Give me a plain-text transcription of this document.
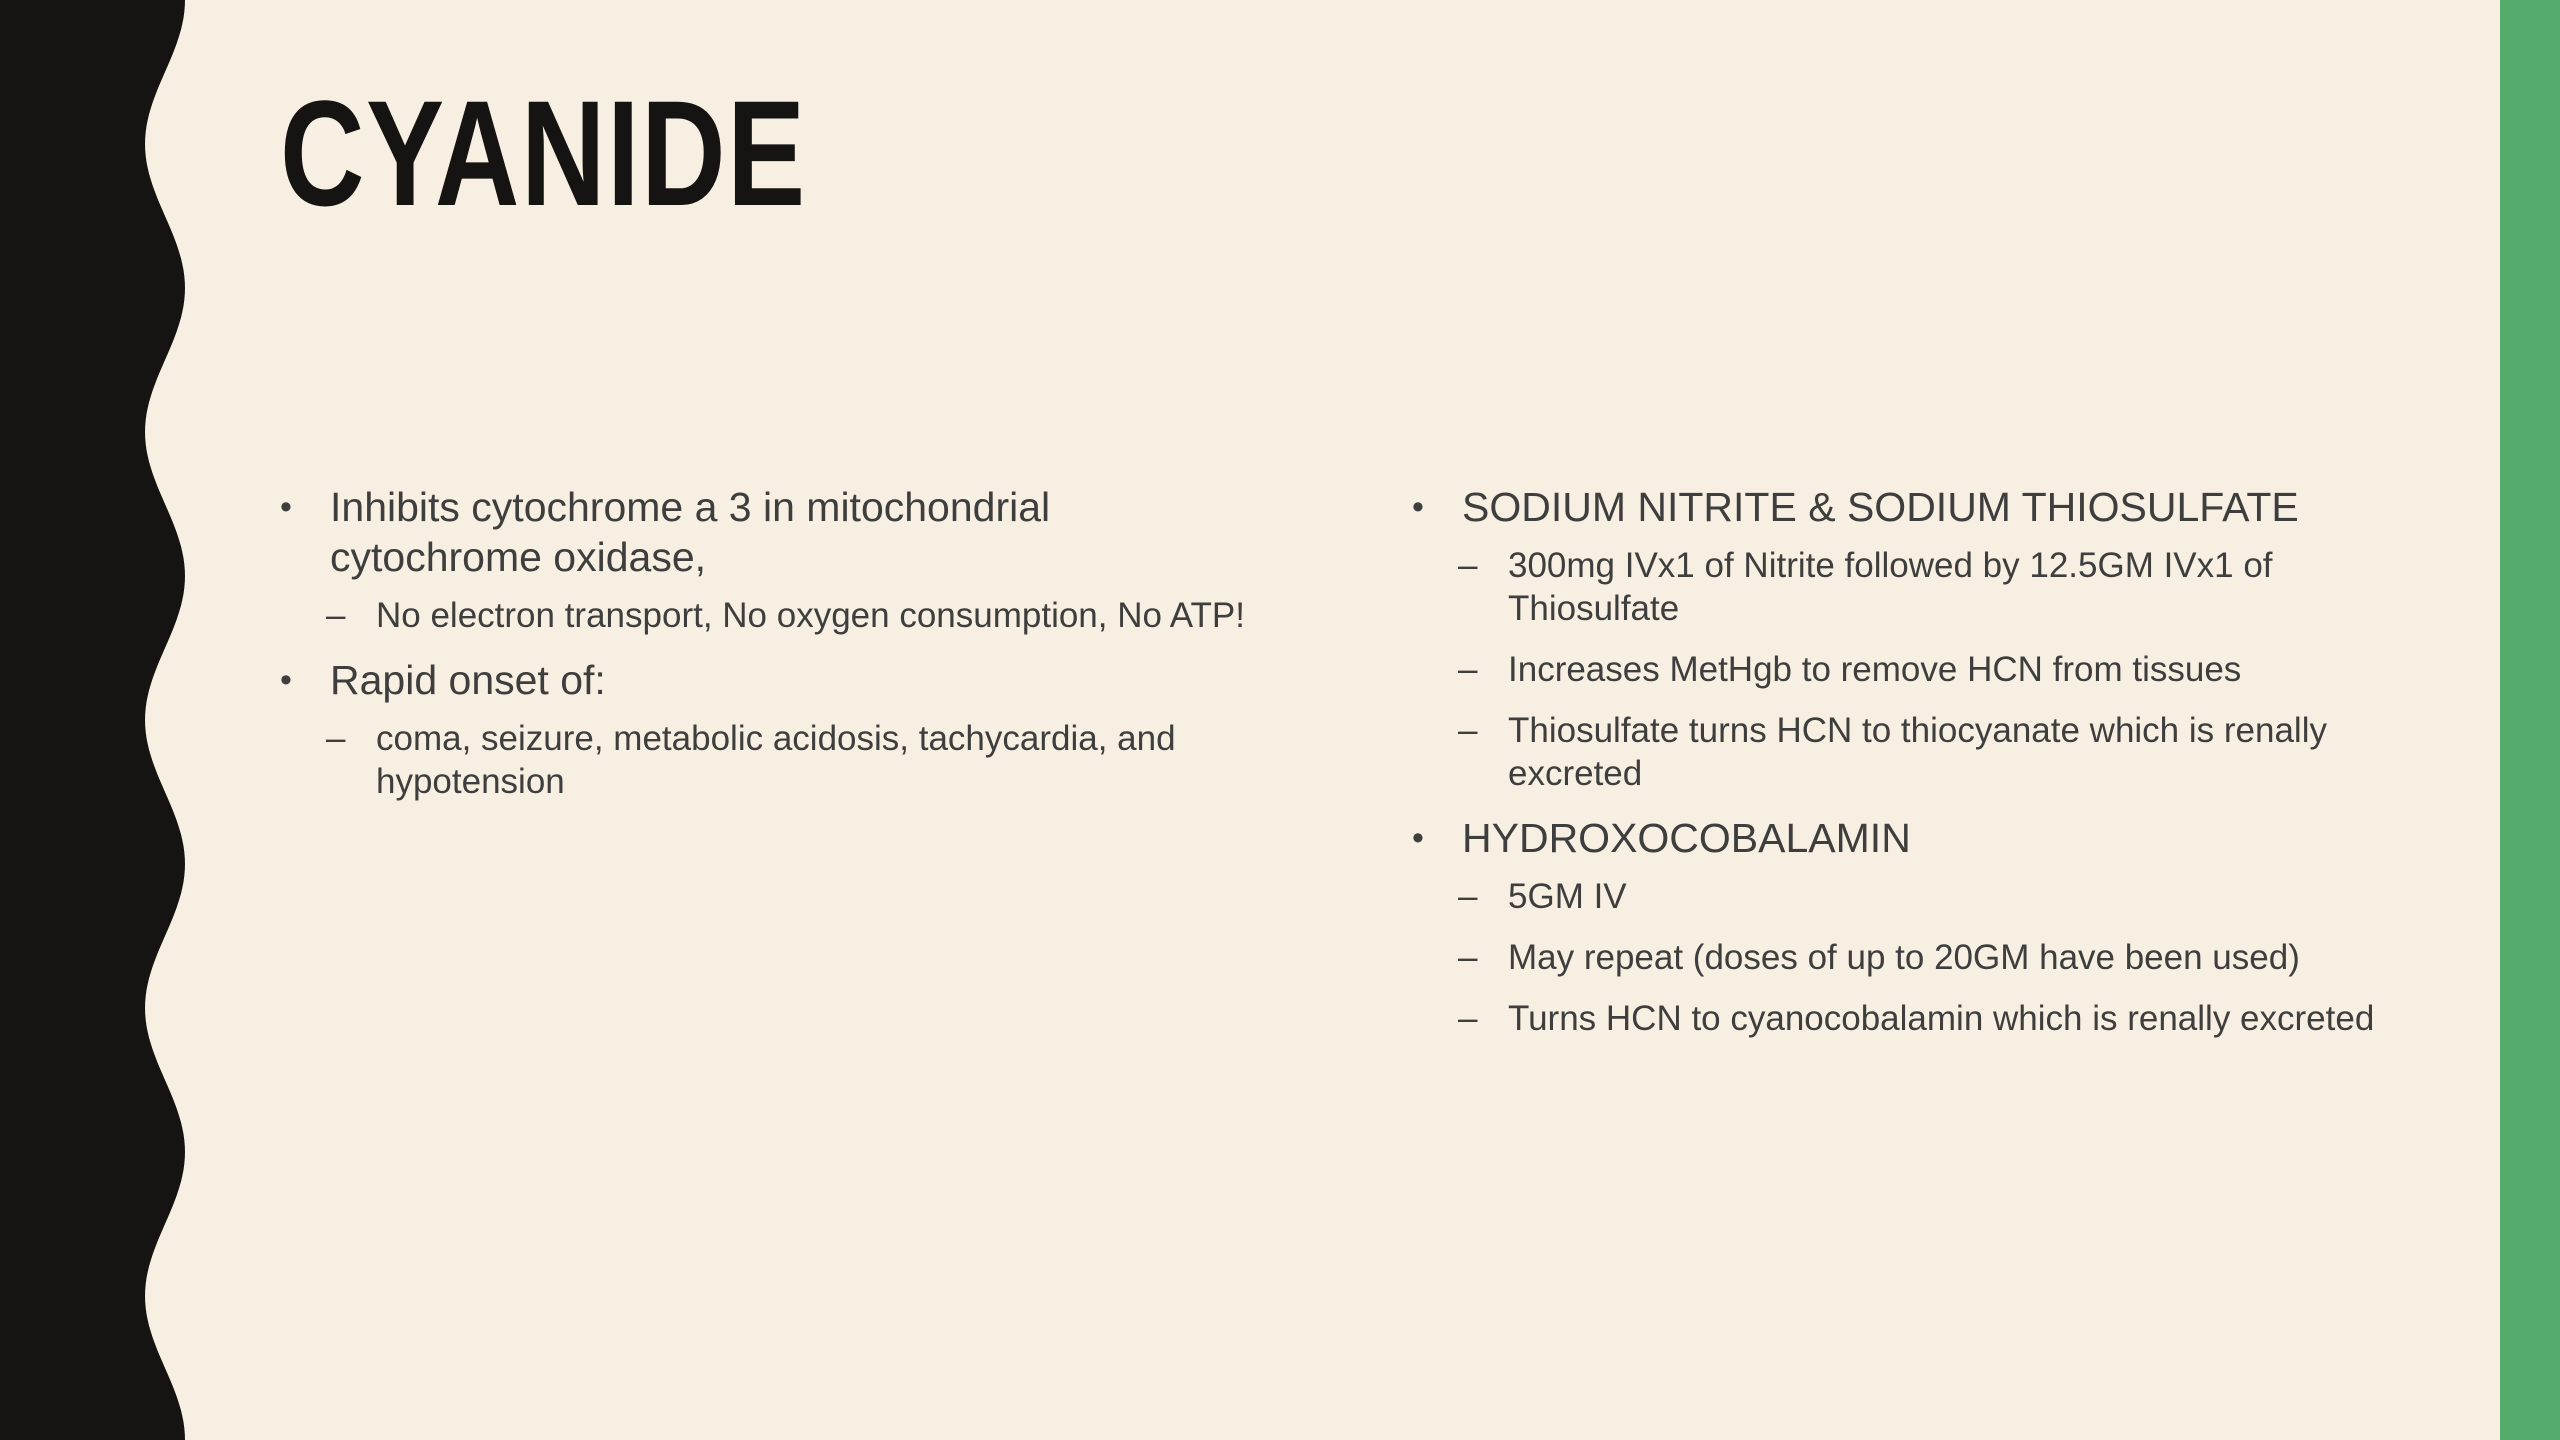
CYANIDE
• Inhibits cytochrome a 3 in mitochondrial cytochrome oxidase,
– No electron transport, No oxygen consumption, No ATP!
• Rapid onset of:
– coma, seizure, metabolic acidosis, tachycardia, and hypotension
• SODIUM NITRITE & SODIUM THIOSULFATE
– 300mg IVx1 of Nitrite followed by 12.5GM IVx1 of Thiosulfate
– Increases MetHgb to remove HCN from tissues
– Thiosulfate turns HCN to thiocyanate which is renally excreted
• HYDROXOCOBALAMIN
– 5GM IV
– May repeat (doses of up to 20GM have been used)
– Turns HCN to cyanocobalamin which is renally excreted
